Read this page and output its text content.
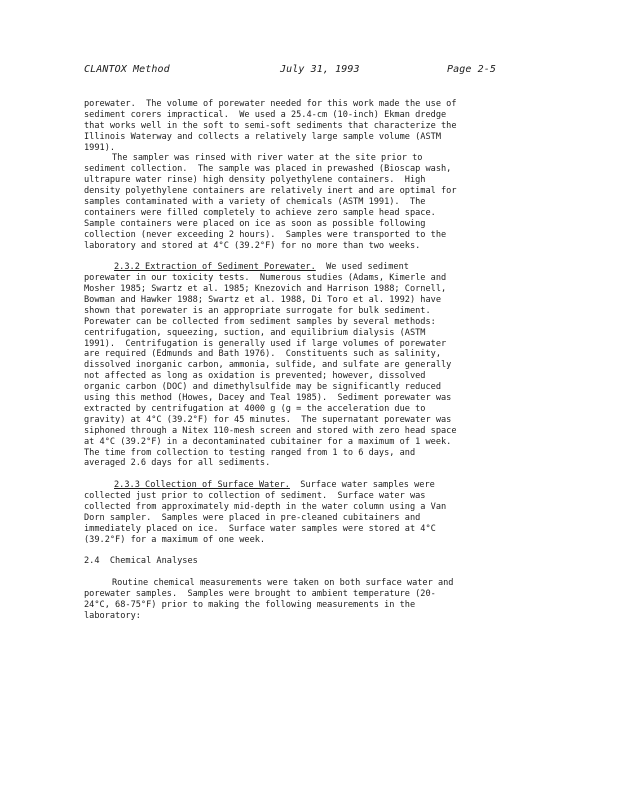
CLANTOX Method	July 31, 1993	Page 2-5
porewater.  The volume of porewater needed for this work made the use of
sediment corers impractical.  We used a 25.4-cm (10-inch) Ekman dredge
that works well in the soft to semi-soft sediments that characterize the
Illinois Waterway and collects a relatively large sample volume (ASTM
1991).
The sampler was rinsed with river water at the site prior to
sediment collection.  The sample was placed in prewashed (Bioscap wash,
ultrapure water rinse) high density polyethylene containers.  High
density polyethylene containers are relatively inert and are optimal for
samples contaminated with a variety of chemicals (ASTM 1991).  The
containers were filled completely to achieve zero sample head space.
Sample containers were placed on ice as soon as possible following
collection (never exceeding 2 hours).  Samples were transported to the
laboratory and stored at 4°C (39.2°F) for no more than two weeks.
2.3.2 Extraction of Sediment Porewater.  We used sediment
porewater in our toxicity tests.  Numerous studies (Adams, Kimerle and
Mosher 1985; Swartz et al. 1985; Knezovich and Harrison 1988; Cornell,
Bowman and Hawker 1988; Swartz et al. 1988, Di Toro et al. 1992) have
shown that porewater is an appropriate surrogate for bulk sediment.
Porewater can be collected from sediment samples by several methods:
centrifugation, squeezing, suction, and equilibrium dialysis (ASTM
1991).  Centrifugation is generally used if large volumes of porewater
are required (Edmunds and Bath 1976).  Constituents such as salinity,
dissolved inorganic carbon, ammonia, sulfide, and sulfate are generally
not affected as long as oxidation is prevented; however, dissolved
organic carbon (DOC) and dimethylsulfide may be significantly reduced
using this method (Howes, Dacey and Teal 1985).  Sediment porewater was
extracted by centrifugation at 4000 g (g = the acceleration due to
gravity) at 4°C (39.2°F) for 45 minutes.  The supernatant porewater was
siphoned through a Nitex 110-mesh screen and stored with zero head space
at 4°C (39.2°F) in a decontaminated cubitainer for a maximum of 1 week.
The time from collection to testing ranged from 1 to 6 days, and
averaged 2.6 days for all sediments.
2.3.3 Collection of Surface Water.  Surface water samples were
collected just prior to collection of sediment.  Surface water was
collected from approximately mid-depth in the water column using a Van
Dorn sampler.  Samples were placed in pre-cleaned cubitainers and
immediately placed on ice.  Surface water samples were stored at 4°C
(39.2°F) for a maximum of one week.
2.4  Chemical Analyses
Routine chemical measurements were taken on both surface water and
porewater samples.  Samples were brought to ambient temperature (20-
24°C, 68-75°F) prior to making the following measurements in the
laboratory:
